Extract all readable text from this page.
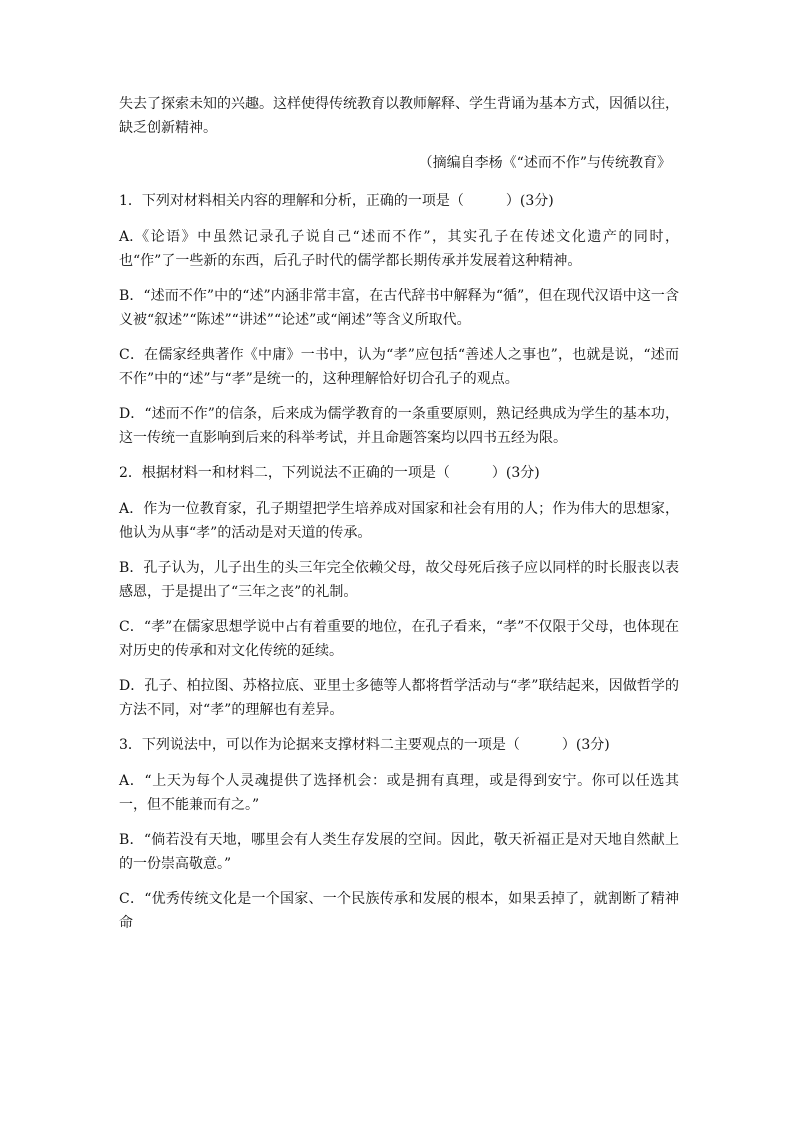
失去了探索未知的兴趣。这样使得传统教育以教师解释、学生背诵为基本方式，因循以往，缺乏创新精神。

（摘编自李杨《“述而不作”与传统教育》

1．下列对材料相关内容的理解和分析，正确的一项是（　　　）(3分)

A.《论语》中虽然记录孔子说自己“述而不作”，其实孔子在传述文化遗产的同时，也“作”了一些新的东西，后孔子时代的儒学都长期传承并发展着这种精神。

B．“述而不作”中的“述”内涵非常丰富，在古代辞书中解释为“循”，但在现代汉语中这一含义被“叙述”“陈述”“讲述”“论述”或“阐述”等含义所取代。

C．在儒家经典著作《中庸》一书中，认为“孝”应包括“善述人之事也”，也就是说，“述而不作”中的“述”与“孝”是统一的，这种理解恰好切合孔子的观点。

D．“述而不作”的信条，后来成为儒学教育的一条重要原则，熟记经典成为学生的基本功，这一传统一直影响到后来的科举考试，并且命题答案均以四书五经为限。

2．根据材料一和材料二，下列说法不正确的一项是（　　　）(3分)

A．作为一位教育家，孔子期望把学生培养成对国家和社会有用的人；作为伟大的思想家，他认为从事“孝”的活动是对天道的传承。

B．孔子认为，儿子出生的头三年完全依赖父母，故父母死后孩子应以同样的时长服丧以表感恩，于是提出了“三年之丧”的礼制。

C．“孝”在儒家思想学说中占有着重要的地位，在孔子看来，“孝”不仅限于父母，也体现在对历史的传承和对文化传统的延续。

D．孔子、柏拉图、苏格拉底、亚里士多德等人都将哲学活动与“孝”联结起来，因做哲学的方法不同，对“孝”的理解也有差异。

3．下列说法中，可以作为论据来支撑材料二主要观点的一项是（　　　）(3分)

A．“上天为每个人灵魂提供了选择机会：或是拥有真理，或是得到安宁。你可以任选其一，但不能兼而有之。”

B．“倘若没有天地，哪里会有人类生存发展的空间。因此，敬天祈福正是对天地自然献上的一份崇高敬意。”

C．“优秀传统文化是一个国家、一个民族传承和发展的根本，如果丢掉了，就割断了精神命
